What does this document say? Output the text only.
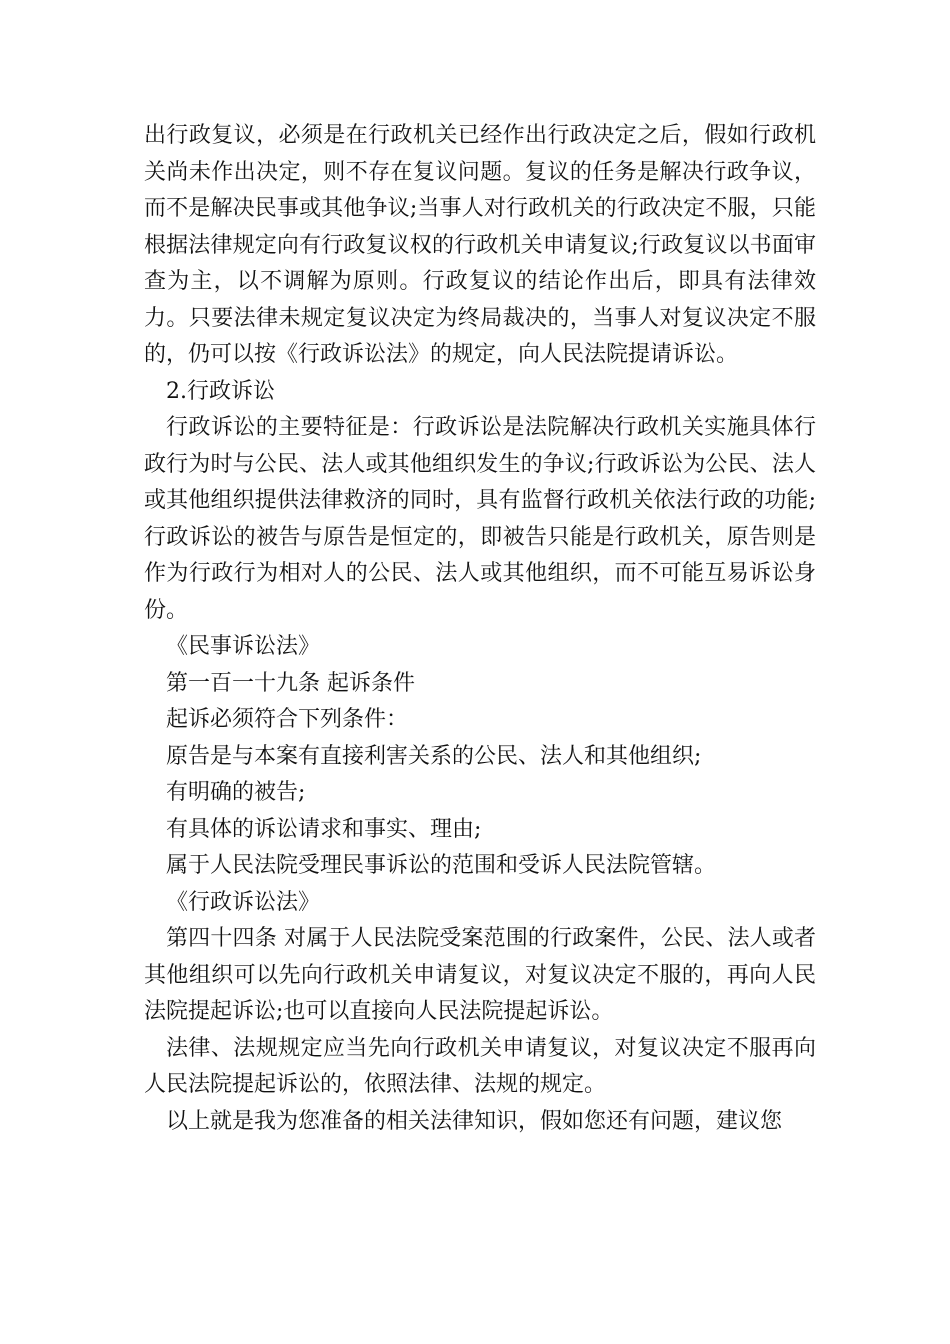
出行政复议，必须是在行政机关已经作出行政决定之后，假如行政机关尚未作出决定，则不存在复议问题。复议的任务是解决行政争议，而不是解决民事或其他争议;当事人对行政机关的行政决定不服，只能根据法律规定向有行政复议权的行政机关申请复议;行政复议以书面审查为主，以不调解为原则。行政复议的结论作出后，即具有法律效力。只要法律未规定复议决定为终局裁决的，当事人对复议决定不服的，仍可以按《行政诉讼法》的规定，向人民法院提请诉讼。

2.行政诉讼

行政诉讼的主要特征是：行政诉讼是法院解决行政机关实施具体行政行为时与公民、法人或其他组织发生的争议;行政诉讼为公民、法人或其他组织提供法律救济的同时，具有监督行政机关依法行政的功能;行政诉讼的被告与原告是恒定的，即被告只能是行政机关，原告则是作为行政行为相对人的公民、法人或其他组织，而不可能互易诉讼身份。

《民事诉讼法》

第一百一十九条 起诉条件

起诉必须符合下列条件：

原告是与本案有直接利害关系的公民、法人和其他组织;

有明确的被告;

有具体的诉讼请求和事实、理由;

属于人民法院受理民事诉讼的范围和受诉人民法院管辖。

《行政诉讼法》

第四十四条 对属于人民法院受案范围的行政案件，公民、法人或者其他组织可以先向行政机关申请复议，对复议决定不服的，再向人民法院提起诉讼;也可以直接向人民法院提起诉讼。

法律、法规规定应当先向行政机关申请复议，对复议决定不服再向人民法院提起诉讼的，依照法律、法规的规定。

以上就是我为您准备的相关法律知识，假如您还有问题，建议您
